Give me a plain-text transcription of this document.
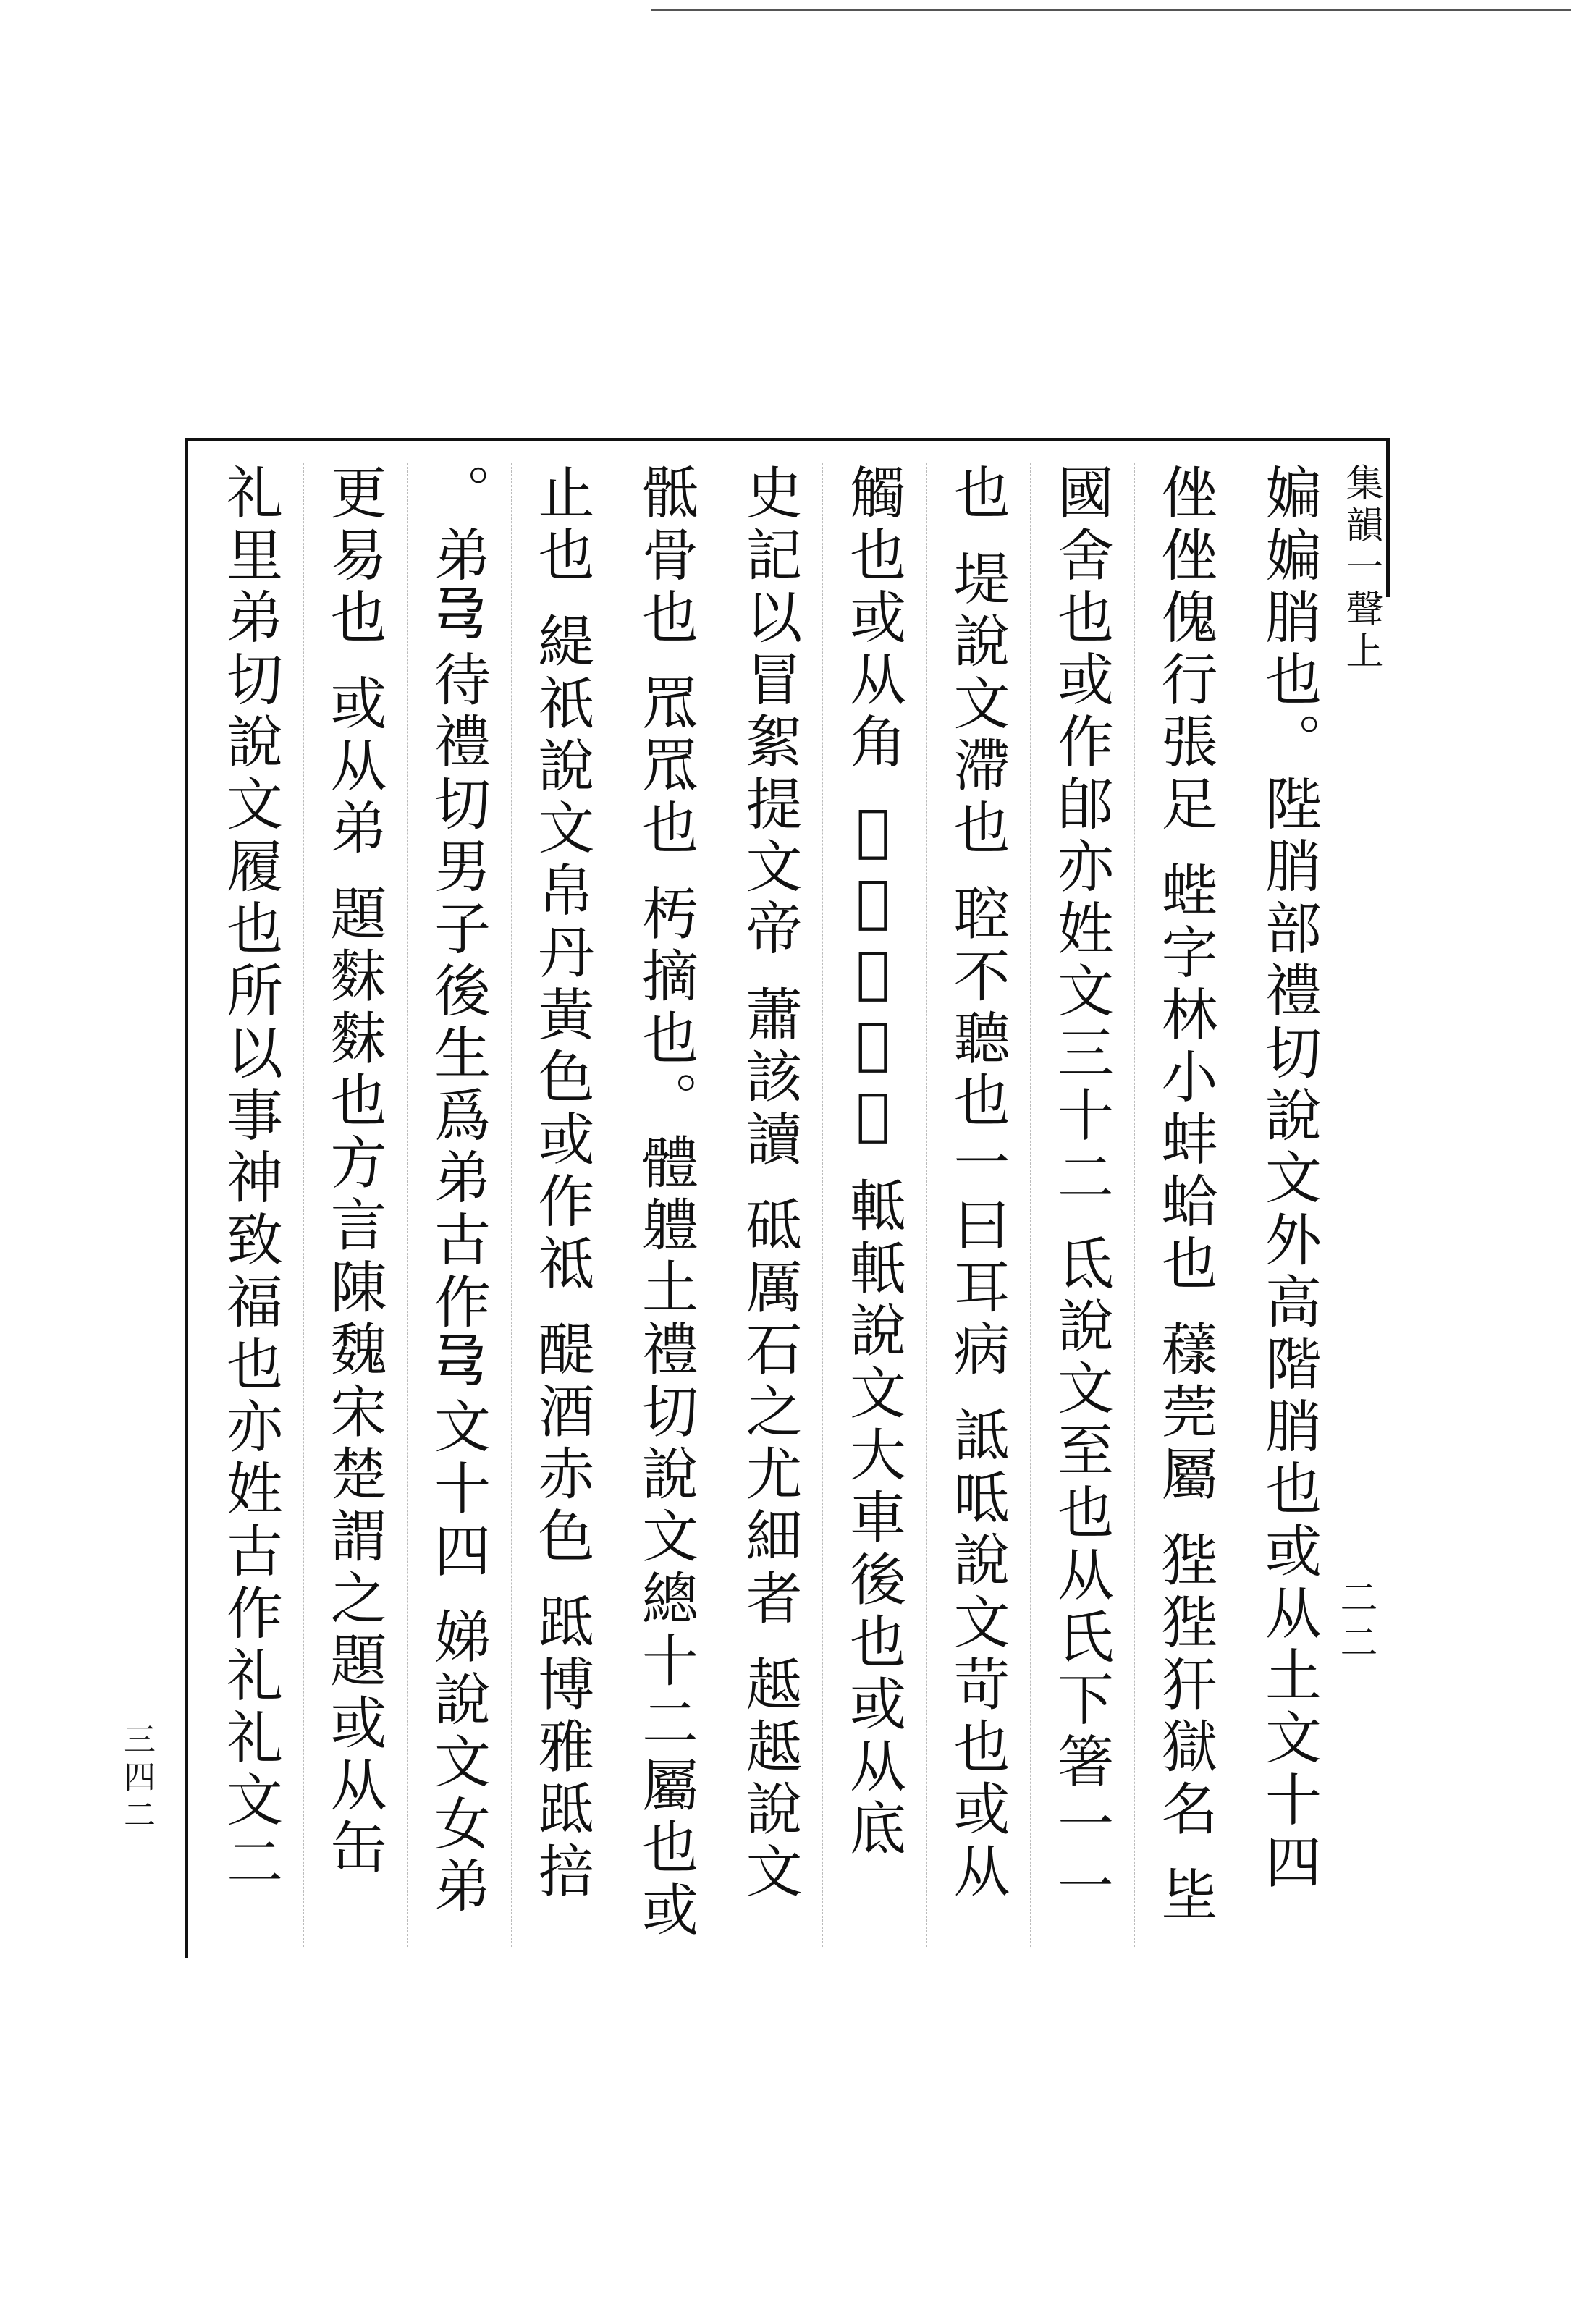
集韻一聲上
二二
三四二	媥媥䏴也。陛䏴部禮切說文外高階䏴也或从土文十四
侳侳傀行張足 蜌字林小蚌蛤也 𧁒莞屬 狴狴犴獄名 坒
國舍也或作郋亦姓文三十二 氐說文至也从氏下箸一一
也 堤說文滯也 聜不聽也一曰耳病 詆呧說文苛也或从
觸也或从角 𢼸博雅隱也 軧軝說文大車後也或从底
史記以冒絮提文帝 蕭該讀 砥厲石之尤細者 趆趆說文
骶骨也 罛罛也 𣏓摘也。體軆土禮切說文總十二屬也或
止也 緹祇說文帛丹黃色或作祗 醍酒赤色 䟡博雅䟡掊
。弟𢎙待禮切男子後生爲弟古作𢎙文十四 娣說文女弟
更易也 或从弟 題䴲䴲也方言陳魏宋楚謂之題或从缶
礼里弟切說文履也所以事神致福也亦姓古作礼礼文二
